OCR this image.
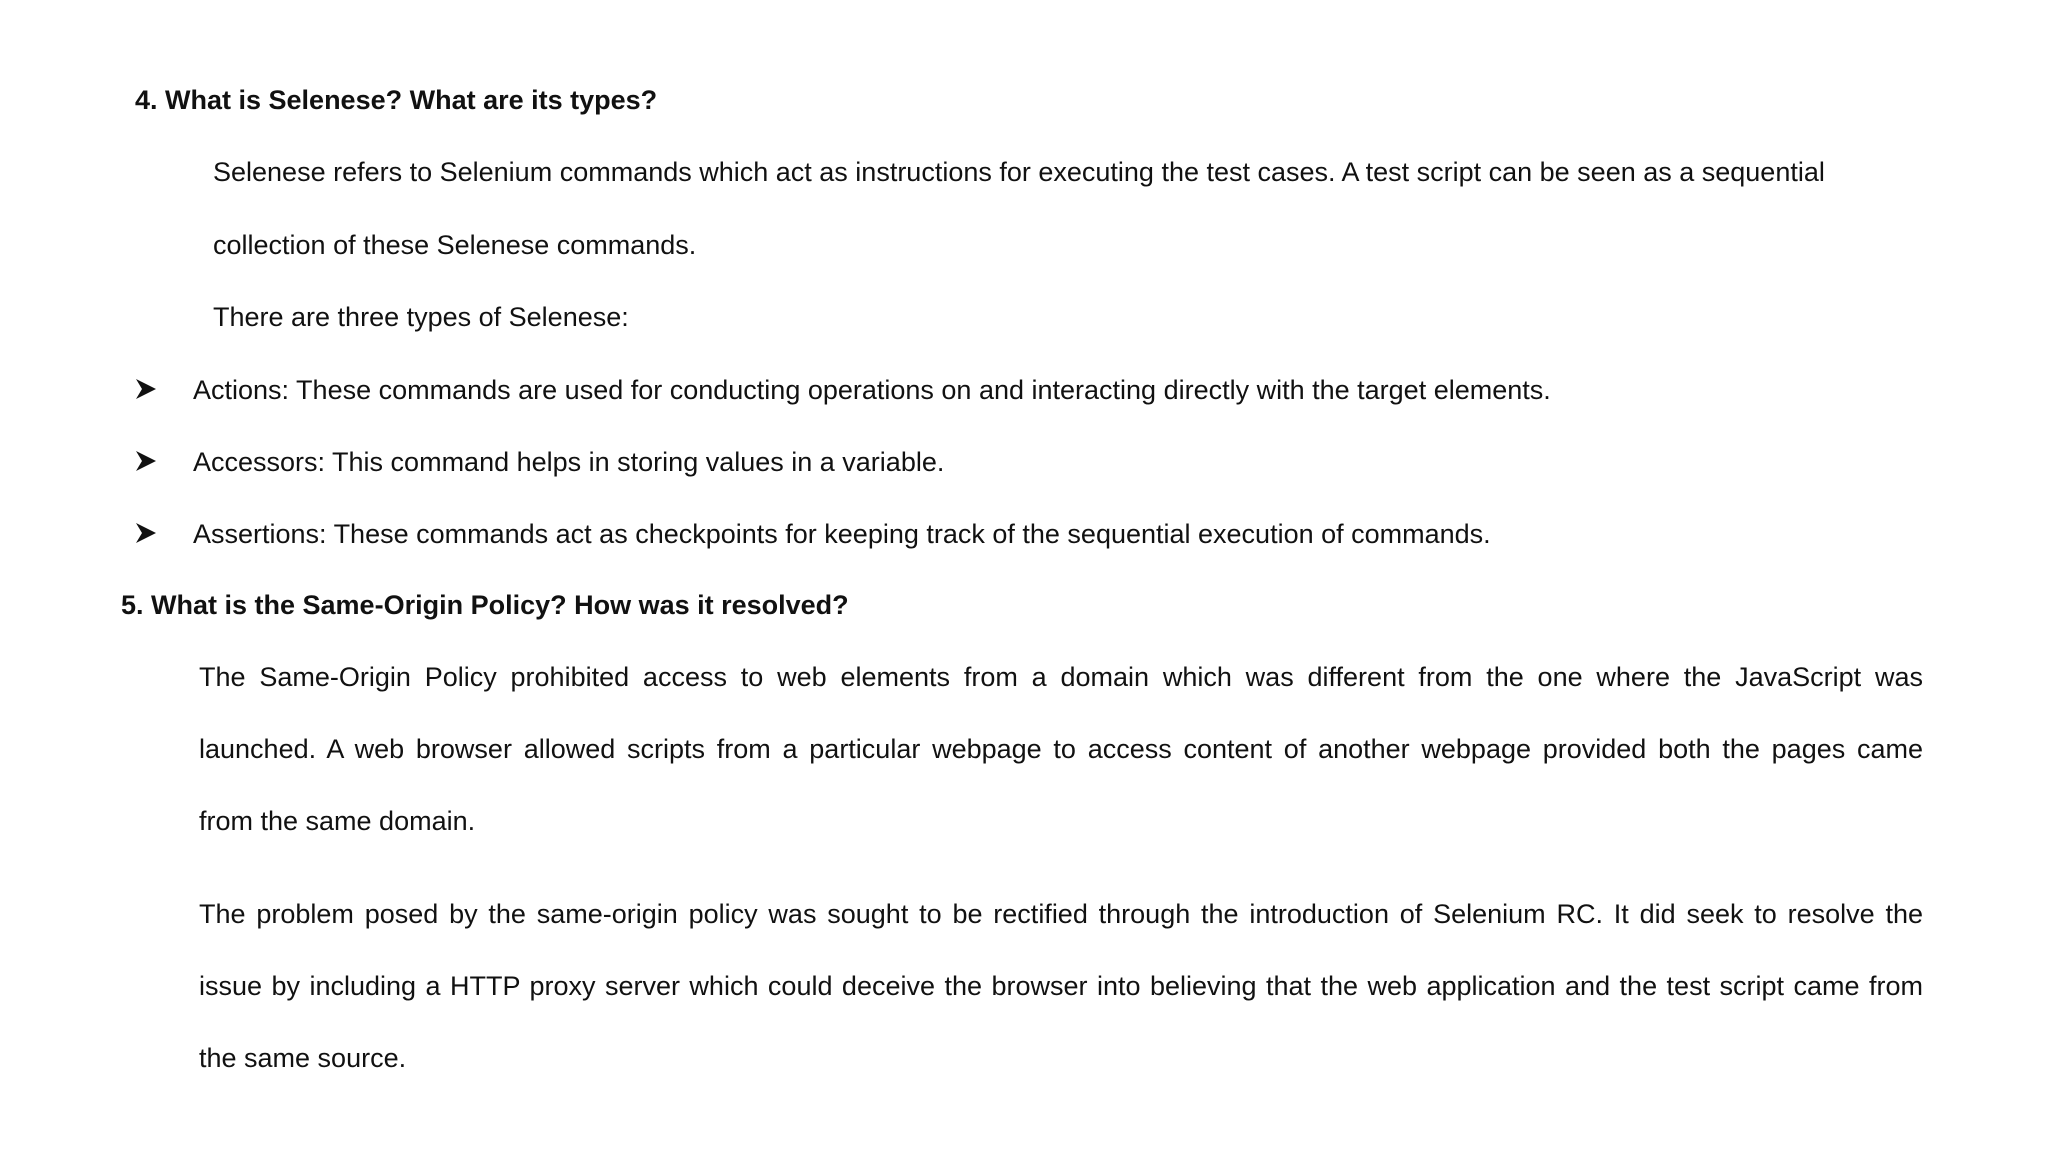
4. What is Selenese? What are its types?
Selenese refers to Selenium commands which act as instructions for executing the test cases. A test script can be seen as a sequential
collection of these Selenese commands.
There are three types of Selenese:
Actions: These commands are used for conducting operations on and interacting directly with the target elements.
Accessors: This command helps in storing values in a variable.
Assertions: These commands act as checkpoints for keeping track of the sequential execution of commands.
5. What is the Same-Origin Policy? How was it resolved?
The Same-Origin Policy prohibited access to web elements from a domain which was different from the one where the JavaScript was
launched. A web browser allowed scripts from a particular webpage to access content of another webpage provided both the pages came
from the same domain.
The problem posed by the same-origin policy was sought to be rectified through the introduction of Selenium RC. It did seek to resolve the
issue by including a HTTP proxy server which could deceive the browser into believing that the web application and the test script came from
the same source.
